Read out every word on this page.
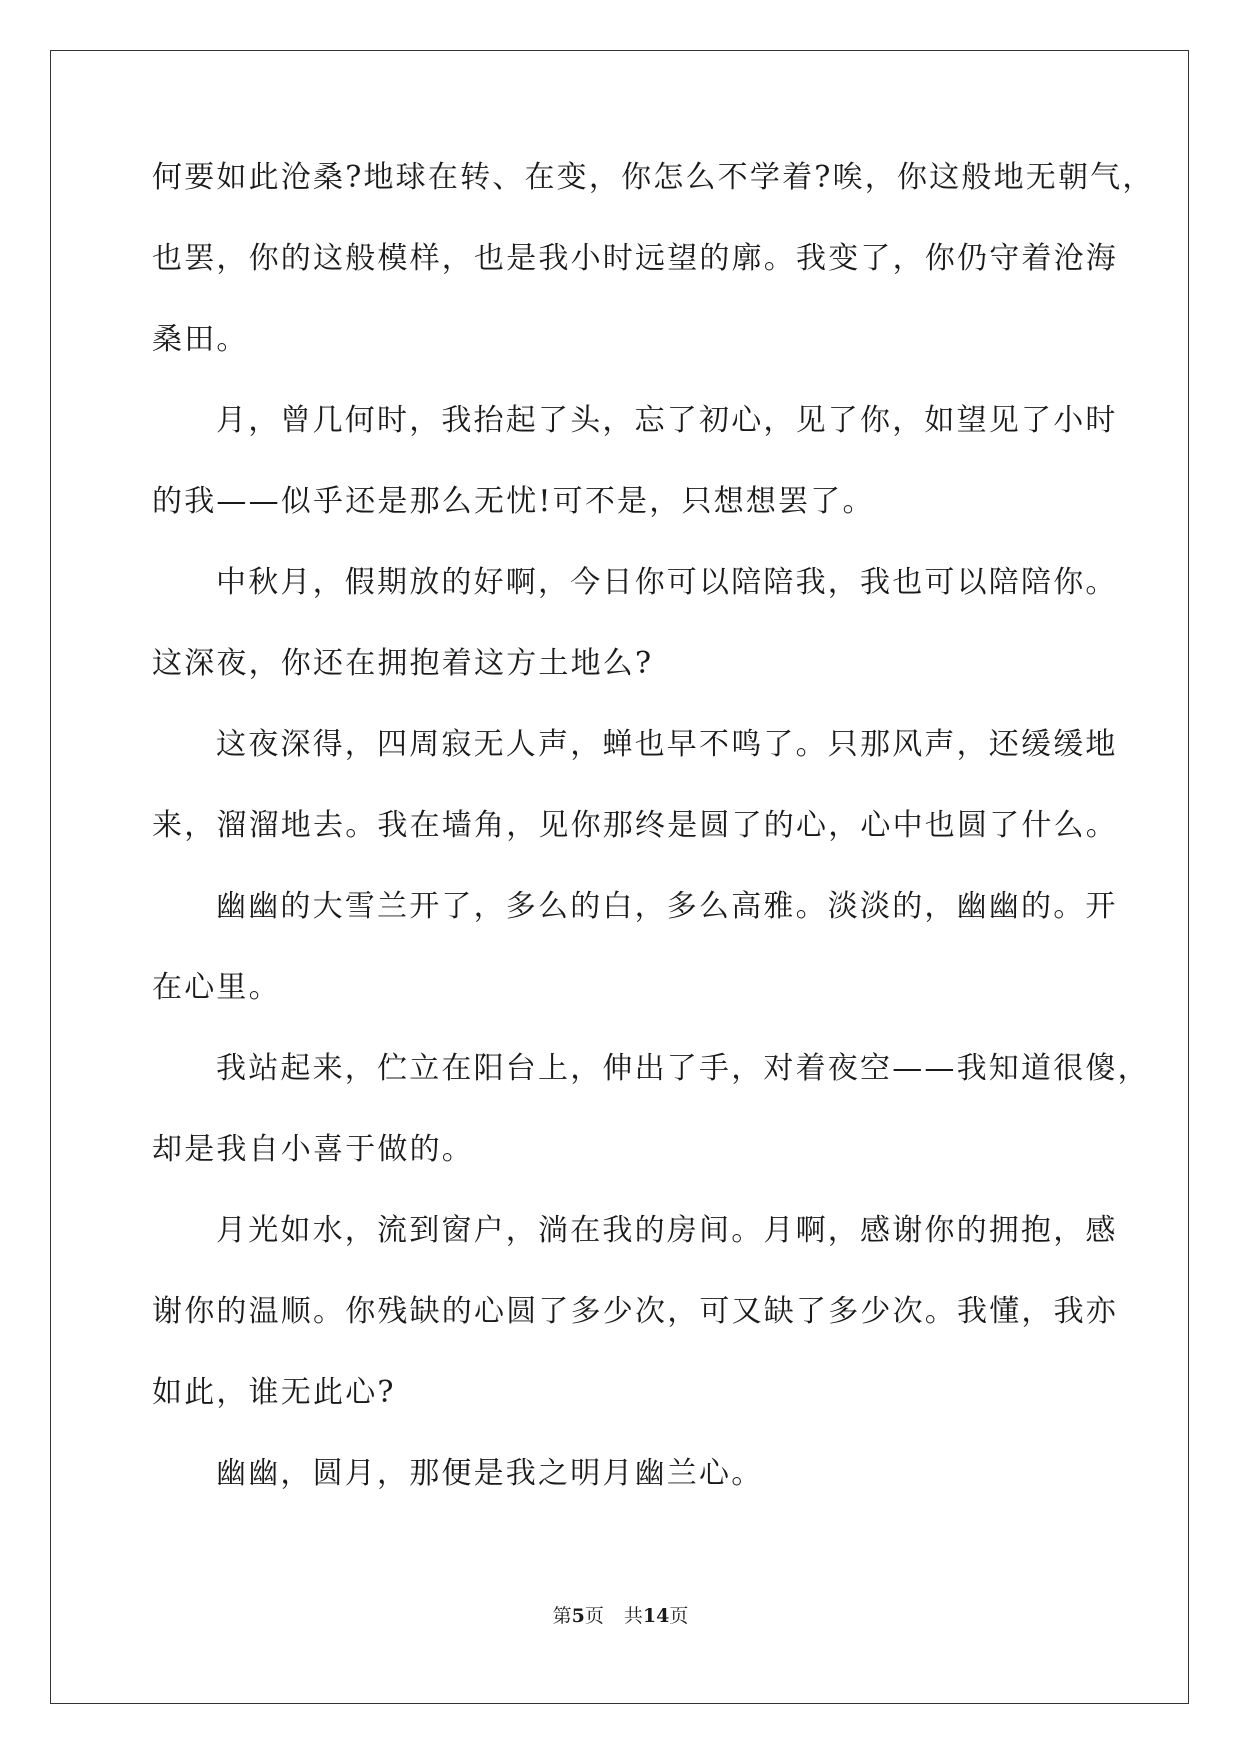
何要如此沧桑?地球在转、在变，你怎么不学着?唉，你这般地无朝气，
也罢，你的这般模样，也是我小时远望的廓。我变了，你仍守着沧海
桑田。
月，曾几何时，我抬起了头，忘了初心，见了你，如望见了小时
的我——似乎还是那么无忧!可不是，只想想罢了。
中秋月，假期放的好啊，今日你可以陪陪我，我也可以陪陪你。
这深夜，你还在拥抱着这方土地么?
这夜深得，四周寂无人声，蝉也早不鸣了。只那风声，还缓缓地
来，溜溜地去。我在墙角，见你那终是圆了的心，心中也圆了什么。
幽幽的大雪兰开了，多么的白，多么高雅。淡淡的，幽幽的。开
在心里。
我站起来，伫立在阳台上，伸出了手，对着夜空——我知道很傻，
却是我自小喜于做的。
月光如水，流到窗户，淌在我的房间。月啊，感谢你的拥抱，感
谢你的温顺。你残缺的心圆了多少次，可又缺了多少次。我懂，我亦
如此，谁无此心?
幽幽，圆月，那便是我之明月幽兰心。
第5页 共14页
